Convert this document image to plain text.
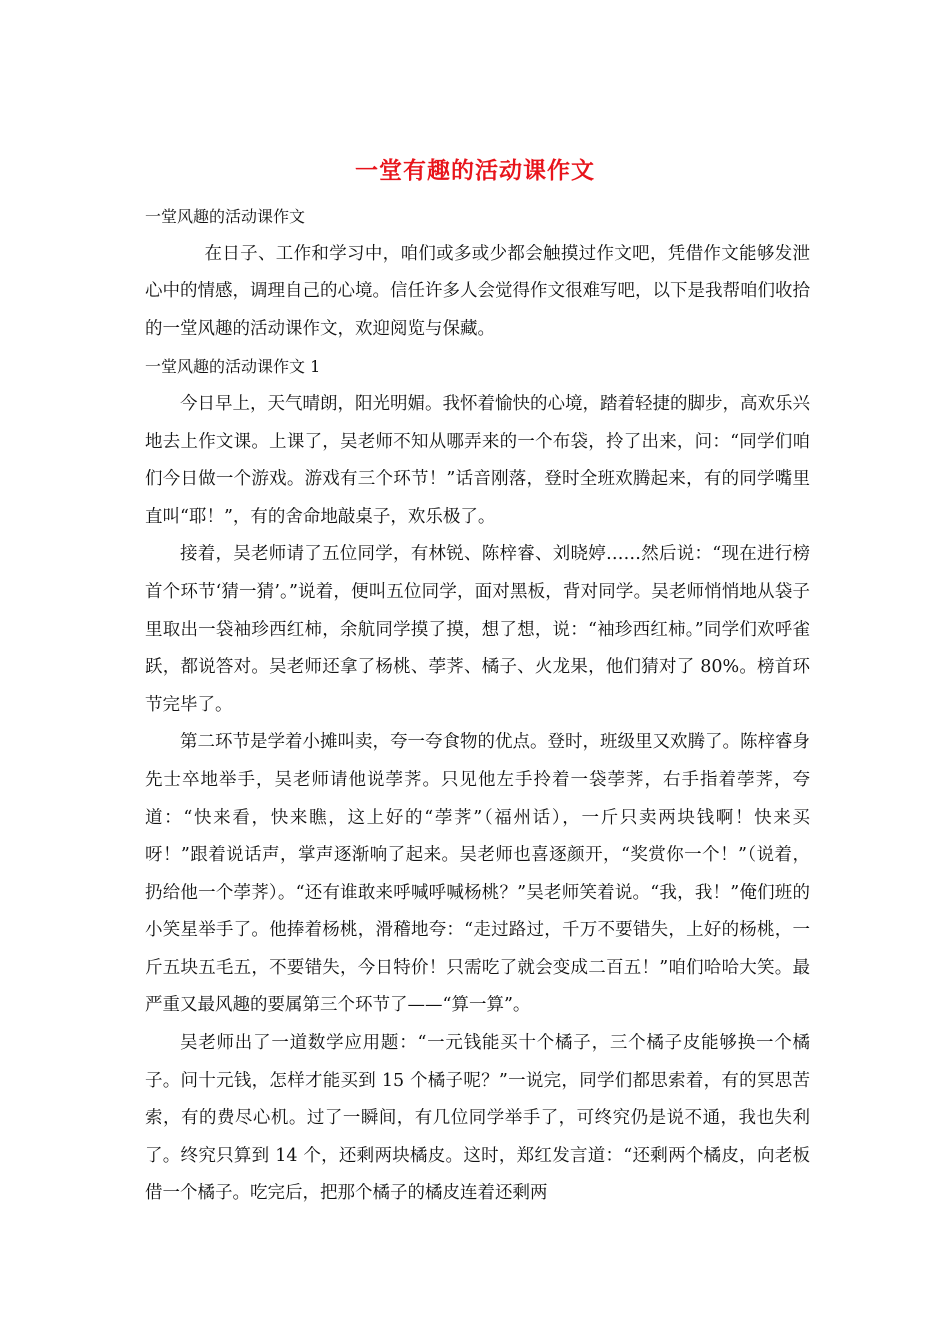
一堂有趣的活动课作文

一堂风趣的活动课作文

在日子、工作和学习中，咱们或多或少都会触摸过作文吧，凭借作文能够发泄心中的情感，调理自己的心境。信任许多人会觉得作文很难写吧，以下是我帮咱们收拾的一堂风趣的活动课作文，欢迎阅览与保藏。

一堂风趣的活动课作文 1

今日早上，天气晴朗，阳光明媚。我怀着愉快的心境，踏着轻捷的脚步，高欢乐兴地去上作文课。上课了，吴老师不知从哪弄来的一个布袋，拎了出来，问：“同学们咱们今日做一个游戏。游戏有三个环节！”话音刚落，登时全班欢腾起来，有的同学嘴里直叫“耶！”，有的舍命地敲桌子，欢乐极了。

接着，吴老师请了五位同学，有林锐、陈梓睿、刘晓婷……然后说：“现在进行榜首个环节‘猜一猜’。”说着，便叫五位同学，面对黑板，背对同学。吴老师悄悄地从袋子里取出一袋袖珍西红柿，余航同学摸了摸，想了想，说：“袖珍西红柿。”同学们欢呼雀跃，都说答对。吴老师还拿了杨桃、荸荠、橘子、火龙果，他们猜对了 80%。榜首环节完毕了。

第二环节是学着小摊叫卖，夸一夸食物的优点。登时，班级里又欢腾了。陈梓睿身先士卒地举手，吴老师请他说荸荠。只见他左手拎着一袋荸荠，右手指着荸荠，夸道：“快来看，快来瞧，这上好的“荸荠”（福州话），一斤只卖两块钱啊！快来买呀！”跟着说话声，掌声逐渐响了起来。吴老师也喜逐颜开，“奖赏你一个！”（说着，扔给他一个荸荠）。“还有谁敢来呼喊呼喊杨桃？”吴老师笑着说。“我，我！”俺们班的小笑星举手了。他捧着杨桃，滑稽地夸：“走过路过，千万不要错失，上好的杨桃，一斤五块五毛五，不要错失，今日特价！只需吃了就会变成二百五！”咱们哈哈大笑。最严重又最风趣的要属第三个环节了——“算一算”。

吴老师出了一道数学应用题：“一元钱能买十个橘子，三个橘子皮能够换一个橘子。问十元钱，怎样才能买到 15 个橘子呢？”一说完，同学们都思索着，有的冥思苦索，有的费尽心机。过了一瞬间，有几位同学举手了，可终究仍是说不通，我也失利了。终究只算到 14 个，还剩两块橘皮。这时，郑红发言道：“还剩两个橘皮，向老板借一个橘子。吃完后，把那个橘子的橘皮连着还剩两
